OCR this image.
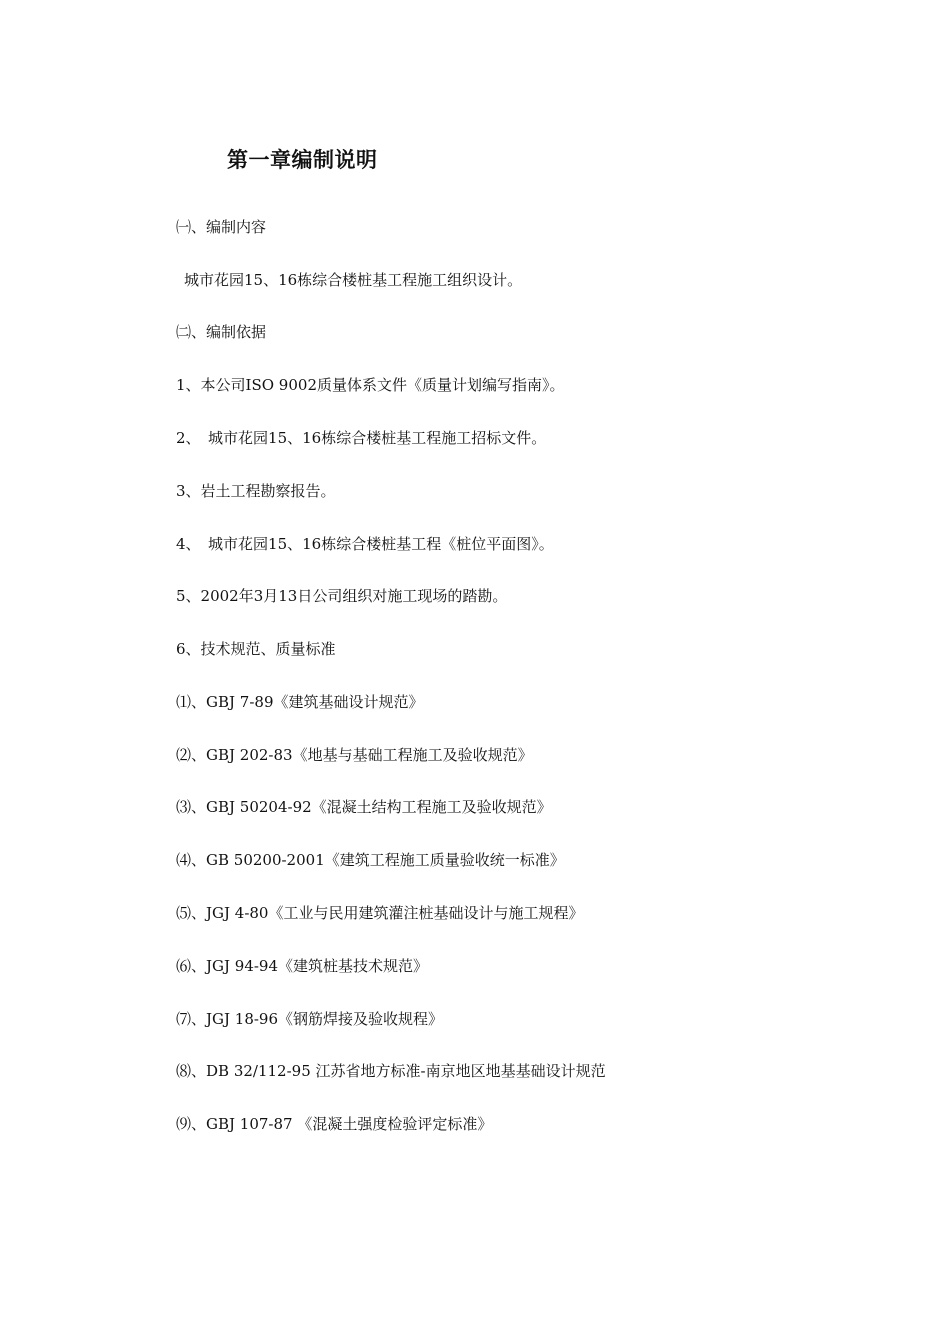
第一章编制说明
㈠、编制内容
城市花园15、16栋综合楼桩基工程施工组织设计。
㈡、编制依据
1、本公司ISO 9002质量体系文件《质量计划编写指南》。
2、　城市花园15、16栋综合楼桩基工程施工招标文件。
3、岩土工程勘察报告。
4、　城市花园15、16栋综合楼桩基工程《桩位平面图》。
5、2002年3月13日公司组织对施工现场的踏勘。
6、技术规范、质量标准
⑴、GBJ 7-89《建筑基础设计规范》
⑵、GBJ 202-83《地基与基础工程施工及验收规范》
⑶、GBJ 50204-92《混凝土结构工程施工及验收规范》
⑷、GB 50200-2001《建筑工程施工质量验收统一标准》
⑸、JGJ 4-80《工业与民用建筑灌注桩基础设计与施工规程》
⑹、JGJ 94-94《建筑桩基技术规范》
⑺、JGJ 18-96《钢筋焊接及验收规程》
⑻、DB 32/112-95 江苏省地方标准-南京地区地基基础设计规范
⑼、GBJ 107-87 《混凝土强度检验评定标准》
